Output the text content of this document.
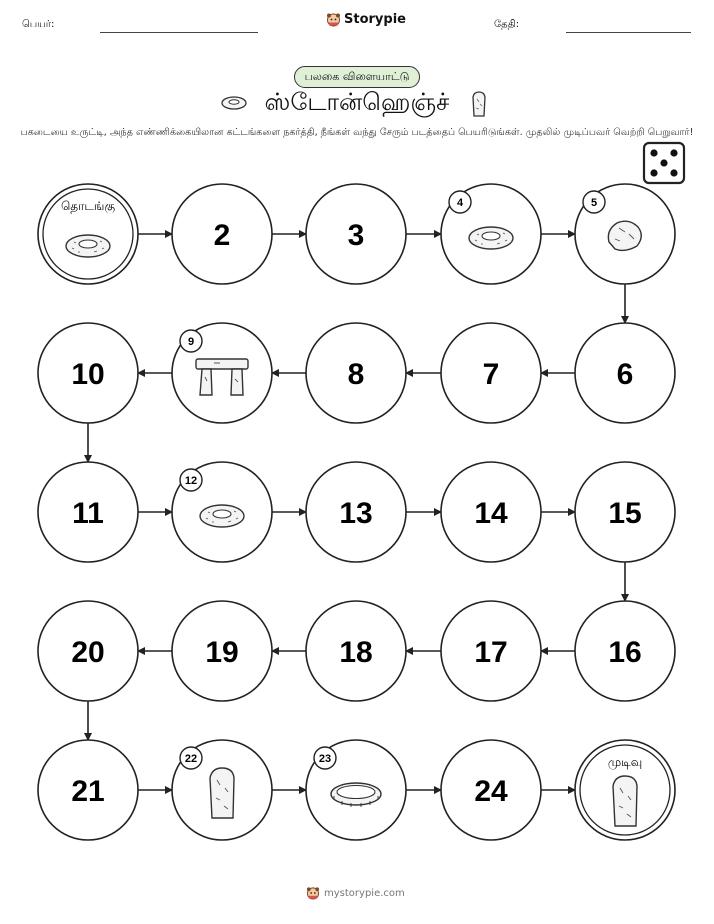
பெயர்:	Storypie	தேதி:
பலகை விளையாட்டு
ஸ்டோன்ஹெஞ்ச்
பகடையை உருட்டி, அந்த எண்ணிக்கையிலான கட்டங்களை நகர்த்தி, நீங்கள் வந்து சேரும் படத்தைப் பெயரிடுங்கள். முதலில் முடிப்பவர் வெற்றி பெறுவார்!
தொடங்கு
2	3
4	5
6
7
8
9
10
11
12
13	14	15
16
17
18
19
20
21
22	23
24
முடிவு
mystorypie.com
